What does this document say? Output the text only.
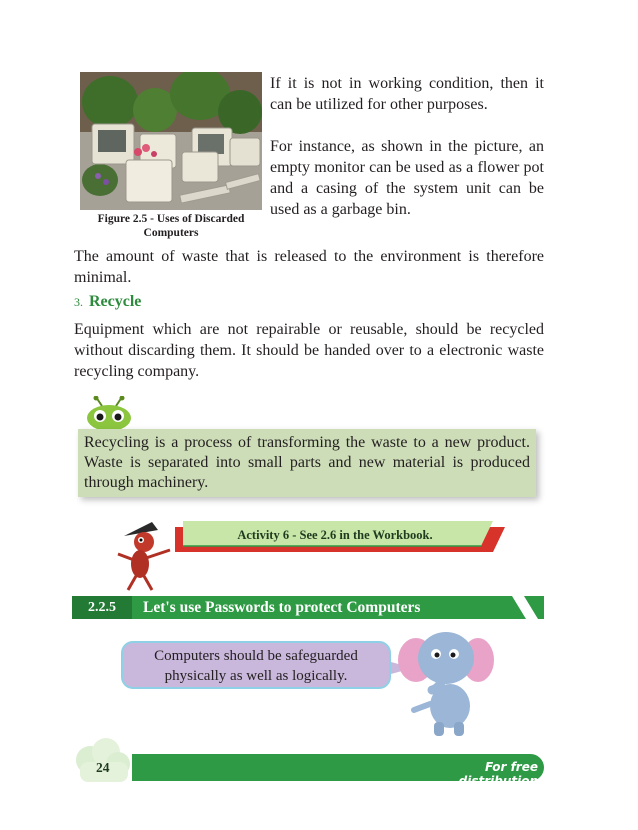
Figure 2.5 - Uses of Discarded Computers
If it is not in working condition, then it can be utilized for other purposes.
For instance, as shown in the picture, an empty monitor can be used as a flower pot and a casing of the system unit can be used as a garbage bin.
The amount of waste that is released to the environment is therefore minimal.
3. Recycle
Equipment which are not repairable or reusable, should be recycled without discarding them. It should be handed over to a electronic waste recycling company.
Recycling is a process of transforming the waste to a new product. Waste is separated into small parts and new material is produced through machinery.
Activity 6 - See 2.6 in the Workbook.
2.2.5	Let's use Passwords to protect Computers
Computers should be safeguarded physically as well as logically.
24	For free distribution
